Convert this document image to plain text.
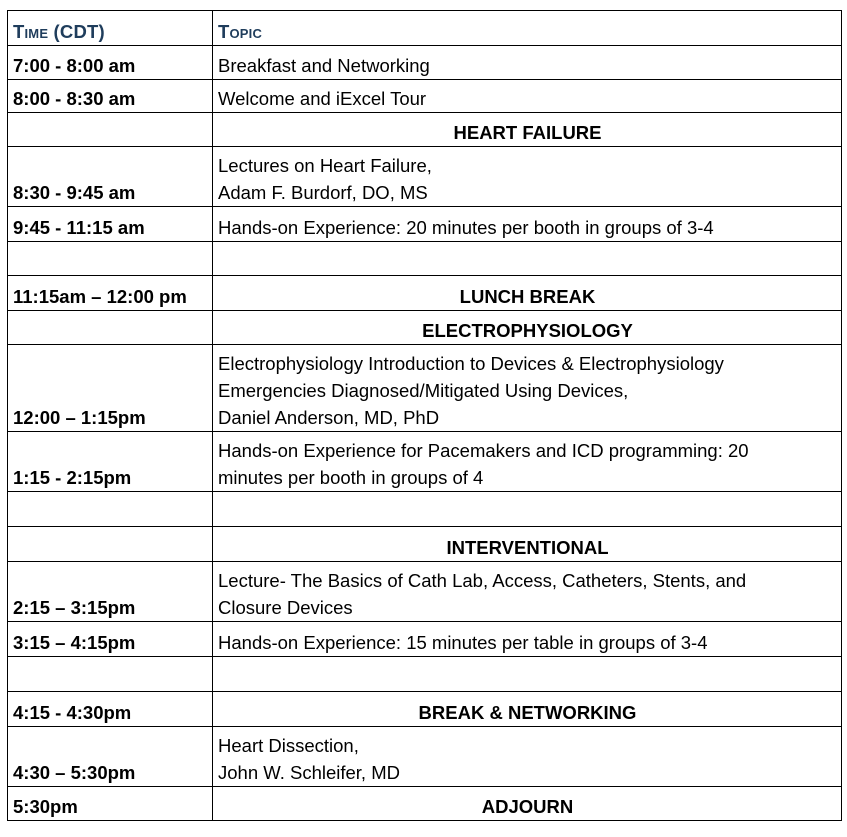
Time (CDT)	Topic
7:00 - 8:00 am	Breakfast and Networking

8:00 - 8:30 am	Welcome and iExcel Tour

	HEART FAILURE

8:30 - 9:45 am	Lectures on Heart Failure,
Adam F. Burdorf, DO, MS

9:45 - 11:15 am	Hands-on Experience: 20 minutes per booth in groups of 3-4

11:15am – 12:00 pm	LUNCH BREAK

	ELECTROPHYSIOLOGY

12:00 – 1:15pm	Electrophysiology Introduction to Devices & Electrophysiology
Emergencies Diagnosed/Mitigated Using Devices,
Daniel Anderson, MD, PhD

1:15 - 2:15pm	Hands-on Experience for Pacemakers and ICD programming: 20
minutes per booth in groups of 4

	INTERVENTIONAL

2:15 – 3:15pm	Lecture- The Basics of Cath Lab, Access, Catheters, Stents, and
Closure Devices

3:15 – 4:15pm	Hands-on Experience: 15 minutes per table in groups of 3-4

4:15 - 4:30pm	BREAK & NETWORKING

4:30 – 5:30pm	Heart Dissection,
John W. Schleifer, MD

5:30pm	ADJOURN
